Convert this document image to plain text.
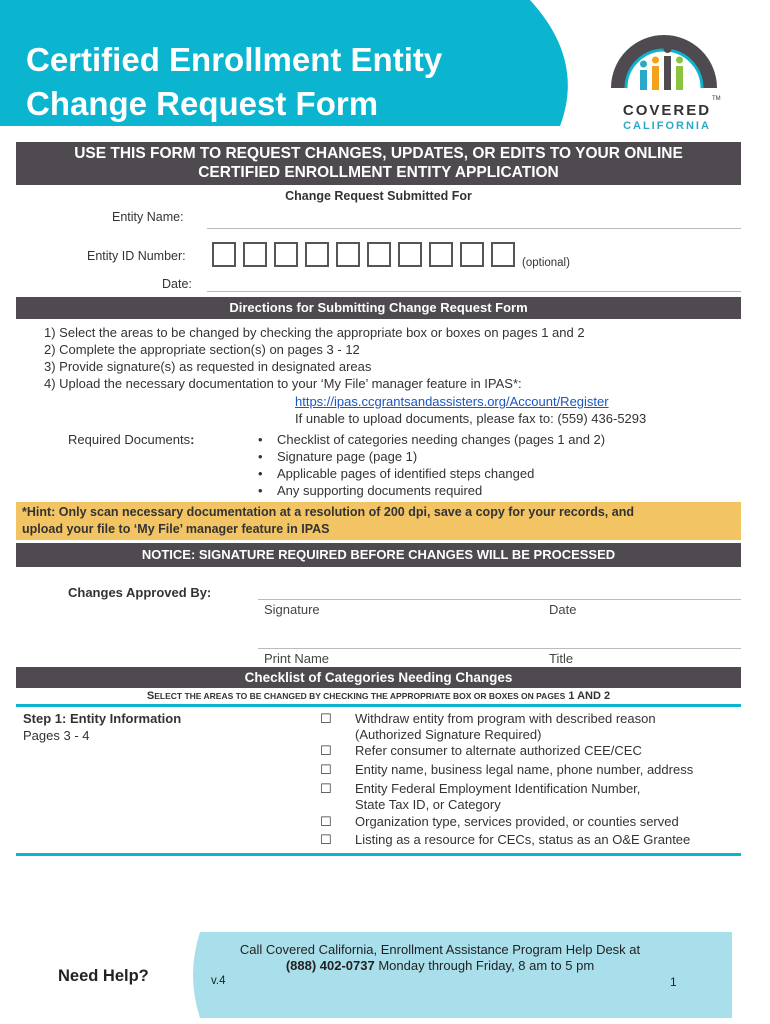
Certified Enrollment Entity
Change Request Form	COVERED
CALIFORNIA
TM
USE THIS FORM TO REQUEST CHANGES, UPDATES, OR EDITS TO YOUR ONLINE
CERTIFIED ENROLLMENT ENTITY APPLICATION
Change Request Submitted For
Entity Name:
Entity ID Number:	(optional)
Date:
Directions for Submitting Change Request Form
1) Select the areas to be changed by checking the appropriate box or boxes on pages 1 and 2
2) Complete the appropriate section(s) on pages 3 - 12
3) Provide signature(s) as requested in designated areas
4) Upload the necessary documentation to your ‘My File’ manager feature in IPAS*:
https://ipas.ccgrantsandassisters.org/Account/Register
If unable to upload documents, please fax to: (559) 436-5293
Required Documents:	•    Checklist of categories needing changes (pages 1 and 2)
•    Signature page (page 1)
•    Applicable pages of identified steps changed
•    Any supporting documents required
*Hint: Only scan necessary documentation at a resolution of 200 dpi, save a copy for your records, and
upload your file to ‘My File’ manager feature in IPAS
NOTICE: SIGNATURE REQUIRED BEFORE CHANGES WILL BE PROCESSED
Changes Approved By:
Signature	Date
Print Name	Title
Checklist of Categories Needing Changes
SELECT THE AREAS TO BE CHANGED BY CHECKING THE APPROPRIATE BOX OR BOXES ON PAGES 1 AND 2
Step 1: Entity Information
Pages 3 - 4
☐ Withdraw entity from program with described reason
(Authorized Signature Required)
☐ Refer consumer to alternate authorized CEE/CEC
☐ Entity name, business legal name, phone number, address
☐ Entity Federal Employment Identification Number,
State Tax ID, or Category
☐ Organization type, services provided, or counties served
☐ Listing as a resource for CECs, status as an O&E Grantee
Need Help?
Call Covered California, Enrollment Assistance Program Help Desk at
(888) 402-0737 Monday through Friday, 8 am to 5 pm
v.4	1
